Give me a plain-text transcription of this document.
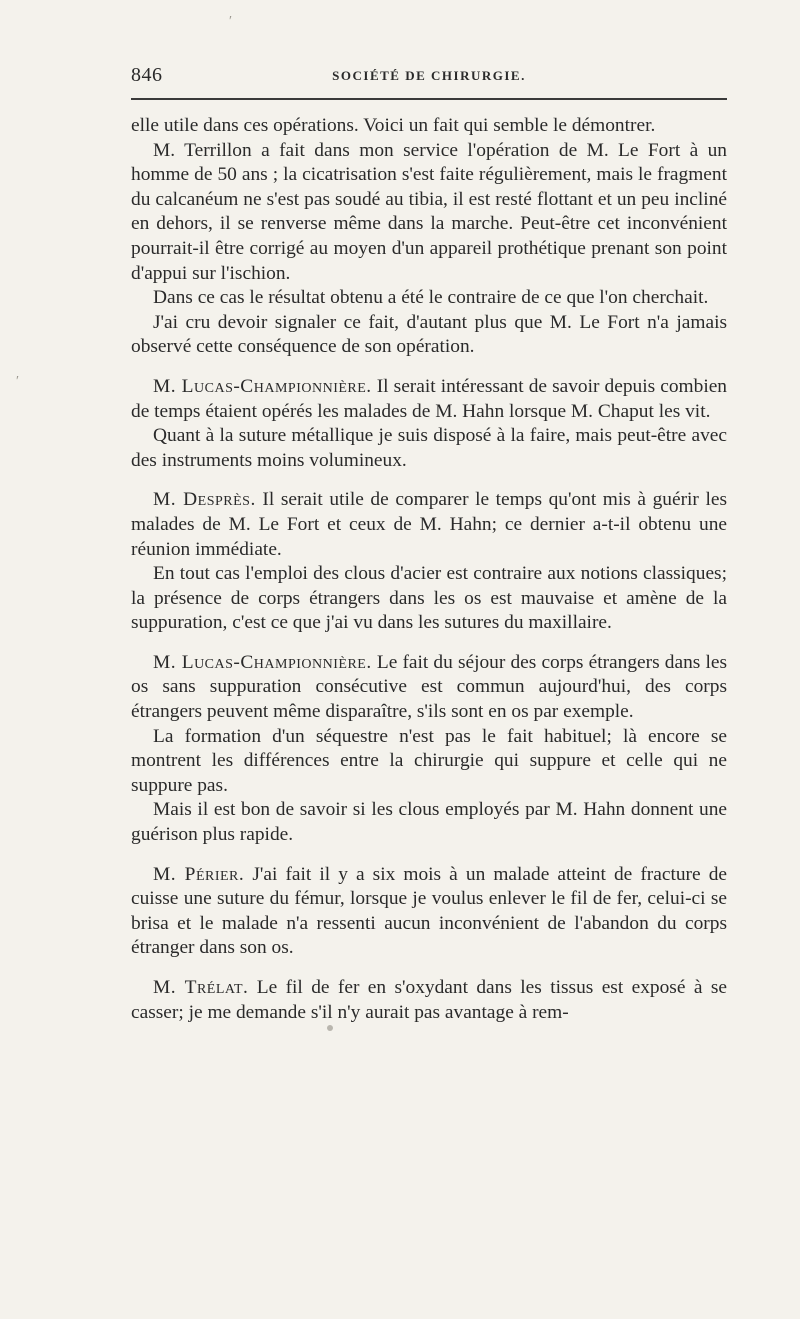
846	SOCIÉTÉ DE CHIRURGIE.
′
′

elle utile dans ces opérations. Voici un fait qui semble le démontrer.

M. Terrillon a fait dans mon service l'opération de M. Le Fort à un homme de 50 ans ; la cicatrisation s'est faite régulièrement, mais le fragment du calcanéum ne s'est pas soudé au tibia, il est resté flottant et un peu incliné en dehors, il se renverse même dans la marche. Peut-être cet inconvénient pourrait-il être corrigé au moyen d'un appareil prothétique prenant son point d'appui sur l'ischion.

Dans ce cas le résultat obtenu a été le contraire de ce que l'on cherchait.

J'ai cru devoir signaler ce fait, d'autant plus que M. Le Fort n'a jamais observé cette conséquence de son opération.

M. Lucas-Championnière. Il serait intéressant de savoir depuis combien de temps étaient opérés les malades de M. Hahn lorsque M. Chaput les vit.

Quant à la suture métallique je suis disposé à la faire, mais peut-être avec des instruments moins volumineux.

M. Desprès. Il serait utile de comparer le temps qu'ont mis à guérir les malades de M. Le Fort et ceux de M. Hahn; ce dernier a-t-il obtenu une réunion immédiate.

En tout cas l'emploi des clous d'acier est contraire aux notions classiques; la présence de corps étrangers dans les os est mauvaise et amène de la suppuration, c'est ce que j'ai vu dans les sutures du maxillaire.

M. Lucas-Championnière. Le fait du séjour des corps étrangers dans les os sans suppuration consécutive est commun aujourd'hui, des corps étrangers peuvent même disparaître, s'ils sont en os par exemple.

La formation d'un séquestre n'est pas le fait habituel; là encore se montrent les différences entre la chirurgie qui suppure et celle qui ne suppure pas.

Mais il est bon de savoir si les clous employés par M. Hahn donnent une guérison plus rapide.

M. Périer. J'ai fait il y a six mois à un malade atteint de fracture de cuisse une suture du fémur, lorsque je voulus enlever le fil de fer, celui-ci se brisa et le malade n'a ressenti aucun inconvénient de l'abandon du corps étranger dans son os.

M. Trélat. Le fil de fer en s'oxydant dans les tissus est exposé à se casser; je me demande s'il n'y aurait pas avantage à rem-
